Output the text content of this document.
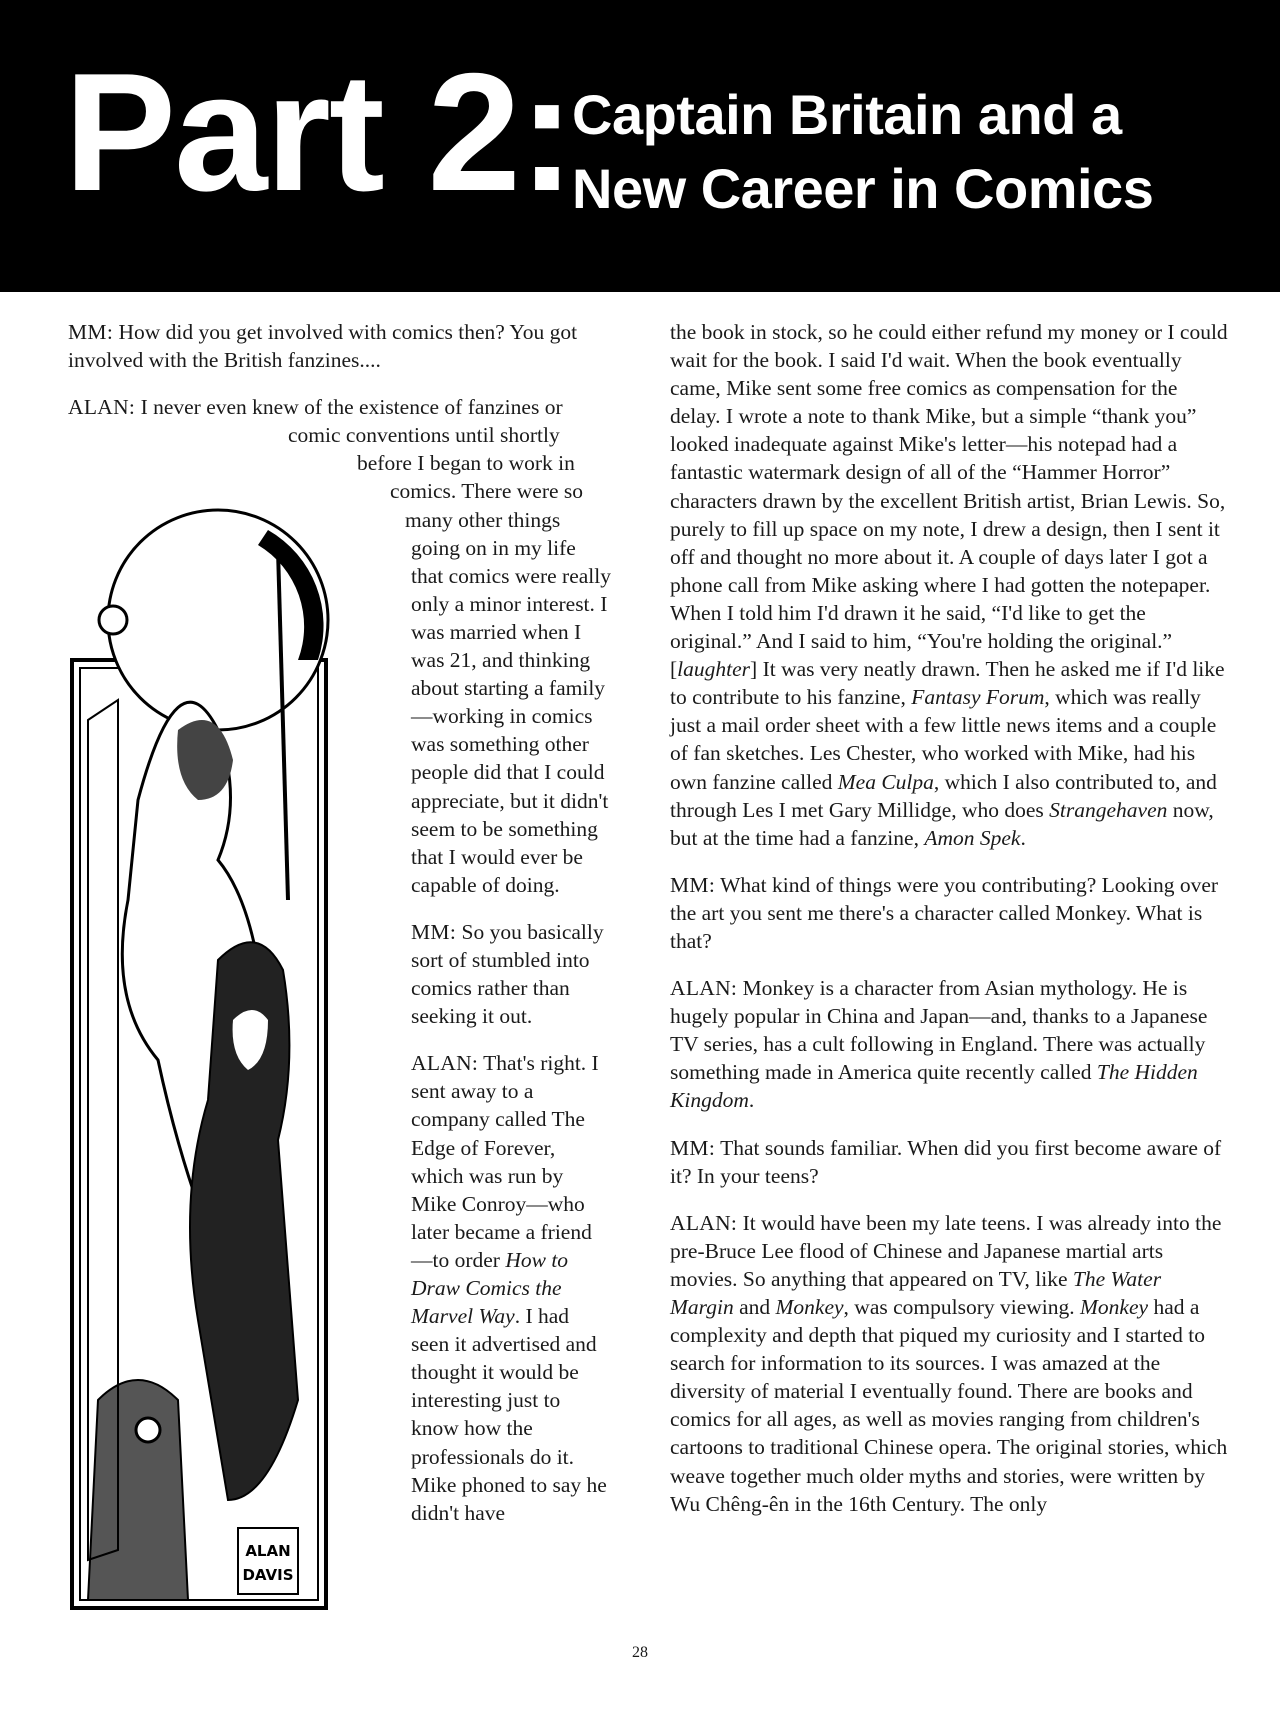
Part 2: Captain Britain and a
New Career in Comics

MM: How did you get involved with comics then? You got involved with the British fanzines....

ALAN: I never even knew of the existence of fanzines or comic conventions until shortly before I began to work in comics. There were so many other things going on in my life that comics were really only a minor interest. I was married when I was 21, and thinking about starting a family—working in comics was something other people did that I could appreciate, but it didn't seem to be something that I would ever be capable of doing.

MM: So you basically sort of stumbled into comics rather than seeking it out.

ALAN: That's right. I sent away to a company called The Edge of Forever, which was run by Mike Conroy—who later became a friend—to order How to Draw Comics the Marvel Way. I had seen it advertised and thought it would be interesting just to know how the professionals do it. Mike phoned to say he didn't have

ALAN
DAVIS

the book in stock, so he could either refund my money or I could wait for the book. I said I'd wait. When the book eventually came, Mike sent some free comics as compensation for the delay. I wrote a note to thank Mike, but a simple “thank you” looked inadequate against Mike's letter—his notepad had a fantastic watermark design of all of the “Hammer Horror” characters drawn by the excellent British artist, Brian Lewis. So, purely to fill up space on my note, I drew a design, then I sent it off and thought no more about it. A couple of days later I got a phone call from Mike asking where I had gotten the notepaper. When I told him I'd drawn it he said, “I'd like to get the original.” And I said to him, “You're holding the original.” [laughter] It was very neatly drawn. Then he asked me if I'd like to contribute to his fanzine, Fantasy Forum, which was really just a mail order sheet with a few little news items and a couple of fan sketches. Les Chester, who worked with Mike, had his own fanzine called Mea Culpa, which I also contributed to, and through Les I met Gary Millidge, who does Strangehaven now, but at the time had a fanzine, Amon Spek.

MM: What kind of things were you contributing? Looking over the art you sent me there's a character called Monkey. What is that?

ALAN: Monkey is a character from Asian mythology. He is hugely popular in China and Japan—and, thanks to a Japanese TV series, has a cult following in England. There was actually something made in America quite recently called The Hidden Kingdom.

MM: That sounds familiar. When did you first become aware of it? In your teens?

ALAN: It would have been my late teens. I was already into the pre-Bruce Lee flood of Chinese and Japanese martial arts movies. So anything that appeared on TV, like The Water Margin and Monkey, was compulsory viewing. Monkey had a complexity and depth that piqued my curiosity and I started to search for information to its sources. I was amazed at the diversity of material I eventually found. There are books and comics for all ages, as well as movies ranging from children's cartoons to traditional Chinese opera. The original stories, which weave together much older myths and stories, were written by Wu Chêng-ên in the 16th Century. The only

28
